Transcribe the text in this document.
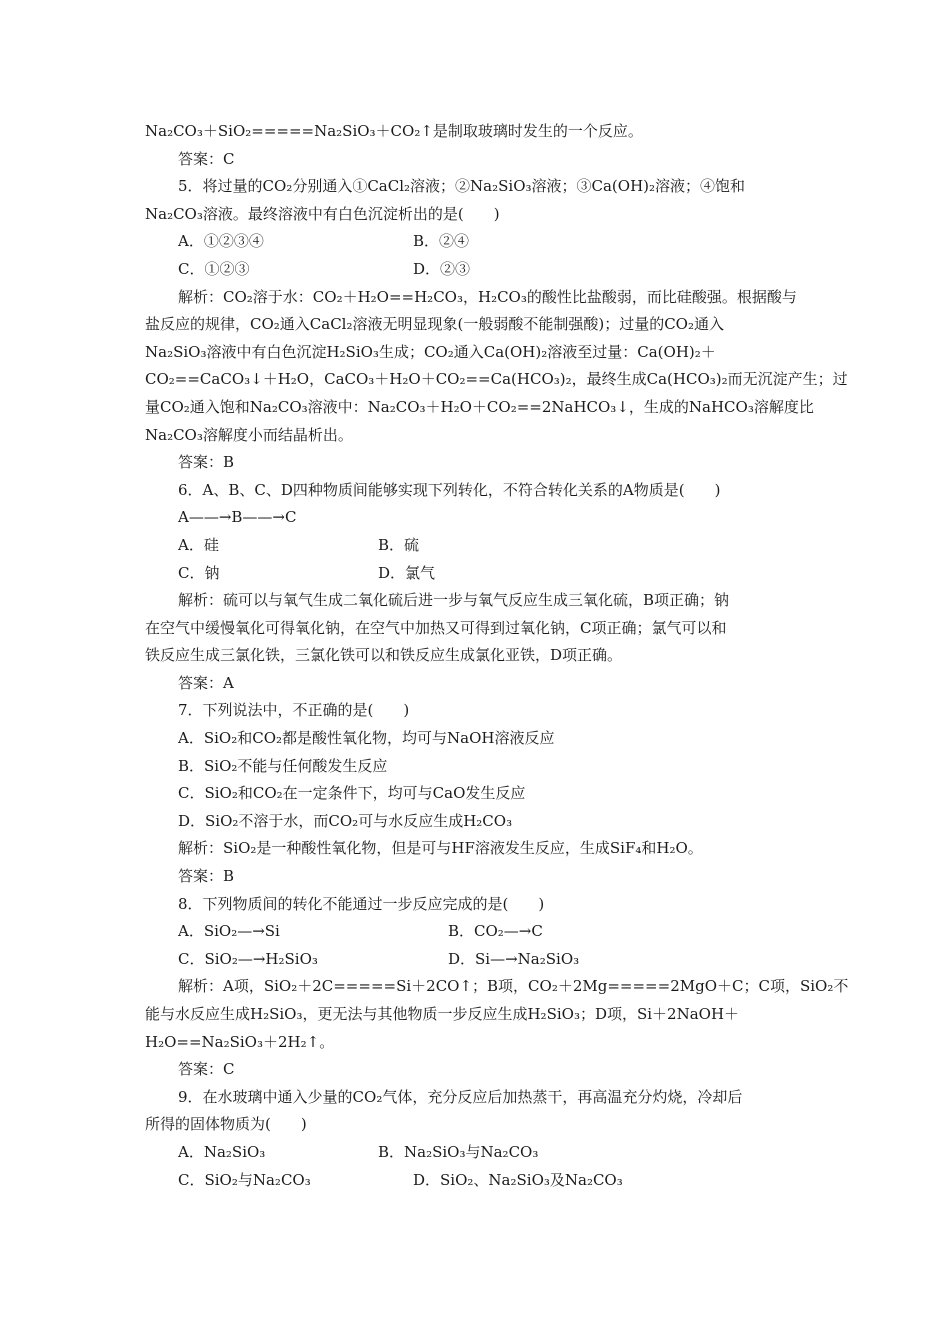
Na₂CO₃＋SiO₂=====Na₂SiO₃＋CO₂↑是制取玻璃时发生的一个反应。
答案：C
5．将过量的CO₂分别通入①CaCl₂溶液；②Na₂SiO₃溶液；③Ca(OH)₂溶液；④饱和
Na₂CO₃溶液。最终溶液中有白色沉淀析出的是(　　)
A．①②③④	B．②④
C．①②③	D．②③
解析：CO₂溶于水：CO₂＋H₂O==H₂CO₃，H₂CO₃的酸性比盐酸弱，而比硅酸强。根据酸与
盐反应的规律，CO₂通入CaCl₂溶液无明显现象(一般弱酸不能制强酸)；过量的CO₂通入
Na₂SiO₃溶液中有白色沉淀H₂SiO₃生成；CO₂通入Ca(OH)₂溶液至过量：Ca(OH)₂＋
CO₂==CaCO₃↓＋H₂O，CaCO₃＋H₂O＋CO₂==Ca(HCO₃)₂，最终生成Ca(HCO₃)₂而无沉淀产生；过
量CO₂通入饱和Na₂CO₃溶液中：Na₂CO₃＋H₂O＋CO₂==2NaHCO₃↓，生成的NaHCO₃溶解度比
Na₂CO₃溶解度小而结晶析出。
答案：B
6．A、B、C、D四种物质间能够实现下列转化，不符合转化关系的A物质是(　　)
A——→B——→C
A．硅	B．硫
C．钠	D．氯气
解析：硫可以与氧气生成二氧化硫后进一步与氧气反应生成三氧化硫，B项正确；钠
在空气中缓慢氧化可得氧化钠，在空气中加热又可得到过氧化钠，C项正确；氯气可以和
铁反应生成三氯化铁，三氯化铁可以和铁反应生成氯化亚铁，D项正确。
答案：A
7．下列说法中，不正确的是(　　)
A．SiO₂和CO₂都是酸性氧化物，均可与NaOH溶液反应
B．SiO₂不能与任何酸发生反应
C．SiO₂和CO₂在一定条件下，均可与CaO发生反应
D．SiO₂不溶于水，而CO₂可与水反应生成H₂CO₃
解析：SiO₂是一种酸性氧化物，但是可与HF溶液发生反应，生成SiF₄和H₂O。
答案：B
8．下列物质间的转化不能通过一步反应完成的是(　　)
A．SiO₂—→Si	B．CO₂—→C
C．SiO₂—→H₂SiO₃	D．Si—→Na₂SiO₃
解析：A项，SiO₂＋2C=====Si＋2CO↑；B项，CO₂＋2Mg=====2MgO＋C；C项，SiO₂不
能与水反应生成H₂SiO₃，更无法与其他物质一步反应生成H₂SiO₃；D项，Si＋2NaOH＋
H₂O==Na₂SiO₃＋2H₂↑。
答案：C
9．在水玻璃中通入少量的CO₂气体，充分反应后加热蒸干，再高温充分灼烧，冷却后
所得的固体物质为(　　)
A．Na₂SiO₃	B．Na₂SiO₃与Na₂CO₃
C．SiO₂与Na₂CO₃	D．SiO₂、Na₂SiO₃及Na₂CO₃
